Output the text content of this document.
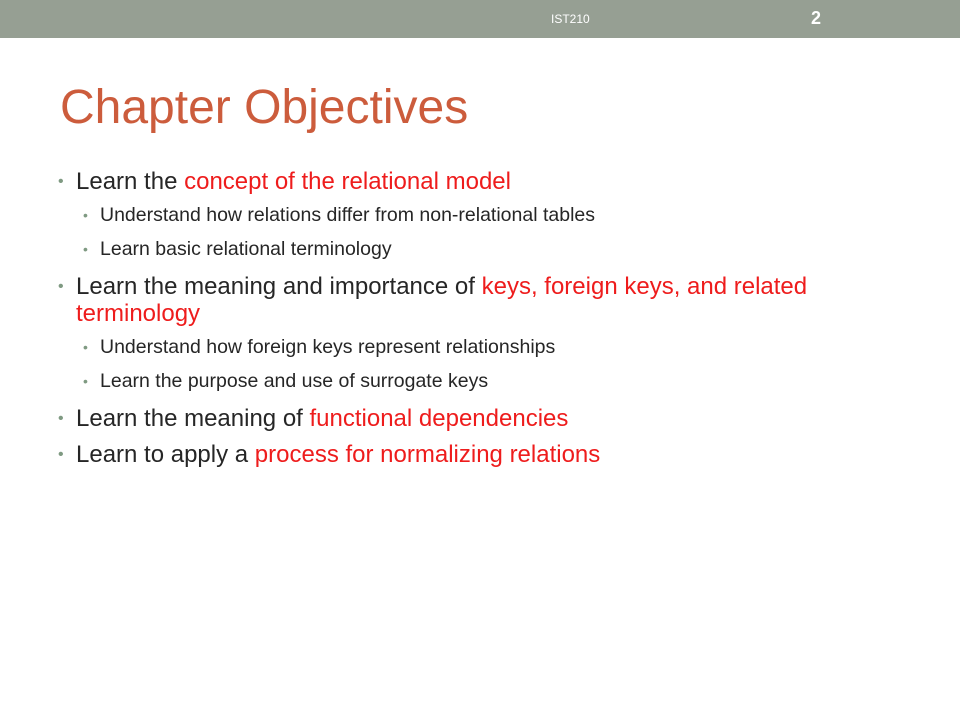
IST210	2
Chapter Objectives
• Learn the concept of the relational model
• Understand how relations differ from non-relational tables
• Learn basic relational terminology
• Learn the meaning and importance of keys, foreign keys, and related terminology
• Understand how foreign keys represent relationships
• Learn the purpose and use of surrogate keys
• Learn the meaning of functional dependencies
• Learn to apply a process for normalizing relations
